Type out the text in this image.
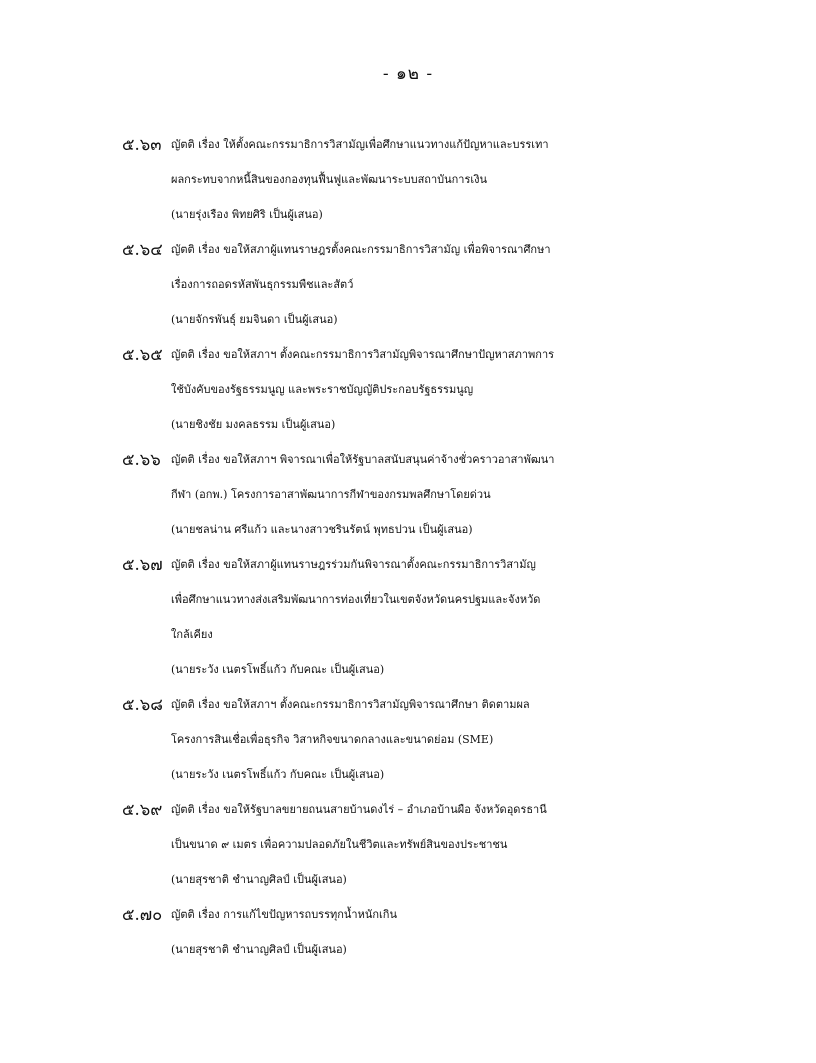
- ๑๒ -
๕.๖๓ ญัตติ เรื่อง ให้ตั้งคณะกรรมาธิการวิสามัญเพื่อศึกษาแนวทางแก้ปัญหาและบรรเทา
ผลกระทบจากหนี้สินของกองทุนฟื้นฟูและพัฒนาระบบสถาบันการเงิน
(นายรุ่งเรือง พิทยศิริ เป็นผู้เสนอ)
๕.๖๔ ญัตติ เรื่อง ขอให้สภาผู้แทนราษฎรตั้งคณะกรรมาธิการวิสามัญ เพื่อพิจารณาศึกษา
เรื่องการถอดรหัสพันธุกรรมพืชและสัตว์
(นายจักรพันธุ์ ยมจินดา เป็นผู้เสนอ)
๕.๖๕ ญัตติ เรื่อง ขอให้สภาฯ ตั้งคณะกรรมาธิการวิสามัญพิจารณาศึกษาปัญหาสภาพการ
ใช้บังคับของรัฐธรรมนูญ และพระราชบัญญัติประกอบรัฐธรรมนูญ
(นายชิงชัย มงคลธรรม เป็นผู้เสนอ)
๕.๖๖ ญัตติ เรื่อง ขอให้สภาฯ พิจารณาเพื่อให้รัฐบาลสนับสนุนค่าจ้างชั่วคราวอาสาพัฒนา
กีฬา (อกพ.) โครงการอาสาพัฒนาการกีฬาของกรมพลศึกษาโดยด่วน
(นายชลน่าน ศรีแก้ว และนางสาวชรินรัตน์ พุทธปวน เป็นผู้เสนอ)
๕.๖๗ ญัตติ เรื่อง ขอให้สภาผู้แทนราษฎรร่วมกันพิจารณาตั้งคณะกรรมาธิการวิสามัญ
เพื่อศึกษาแนวทางส่งเสริมพัฒนาการท่องเที่ยวในเขตจังหวัดนครปฐมและจังหวัด
ใกล้เคียง
(นายระวัง เนตรโพธิ์แก้ว กับคณะ เป็นผู้เสนอ)
๕.๖๘ ญัตติ เรื่อง ขอให้สภาฯ ตั้งคณะกรรมาธิการวิสามัญพิจารณาศึกษา ติดตามผล
โครงการสินเชื่อเพื่อธุรกิจ วิสาหกิจขนาดกลางและขนาดย่อม (SME)
(นายระวัง เนตรโพธิ์แก้ว กับคณะ เป็นผู้เสนอ)
๕.๖๙ ญัตติ เรื่อง ขอให้รัฐบาลขยายถนนสายบ้านดงไร่ – อำเภอบ้านผือ จังหวัดอุดรธานี
เป็นขนาด ๙ เมตร เพื่อความปลอดภัยในชีวิตและทรัพย์สินของประชาชน
(นายสุรชาติ ชำนาญศิลป์ เป็นผู้เสนอ)
๕.๗๐ ญัตติ เรื่อง การแก้ไขปัญหารถบรรทุกน้ำหนักเกิน
(นายสุรชาติ ชำนาญศิลป์ เป็นผู้เสนอ)
